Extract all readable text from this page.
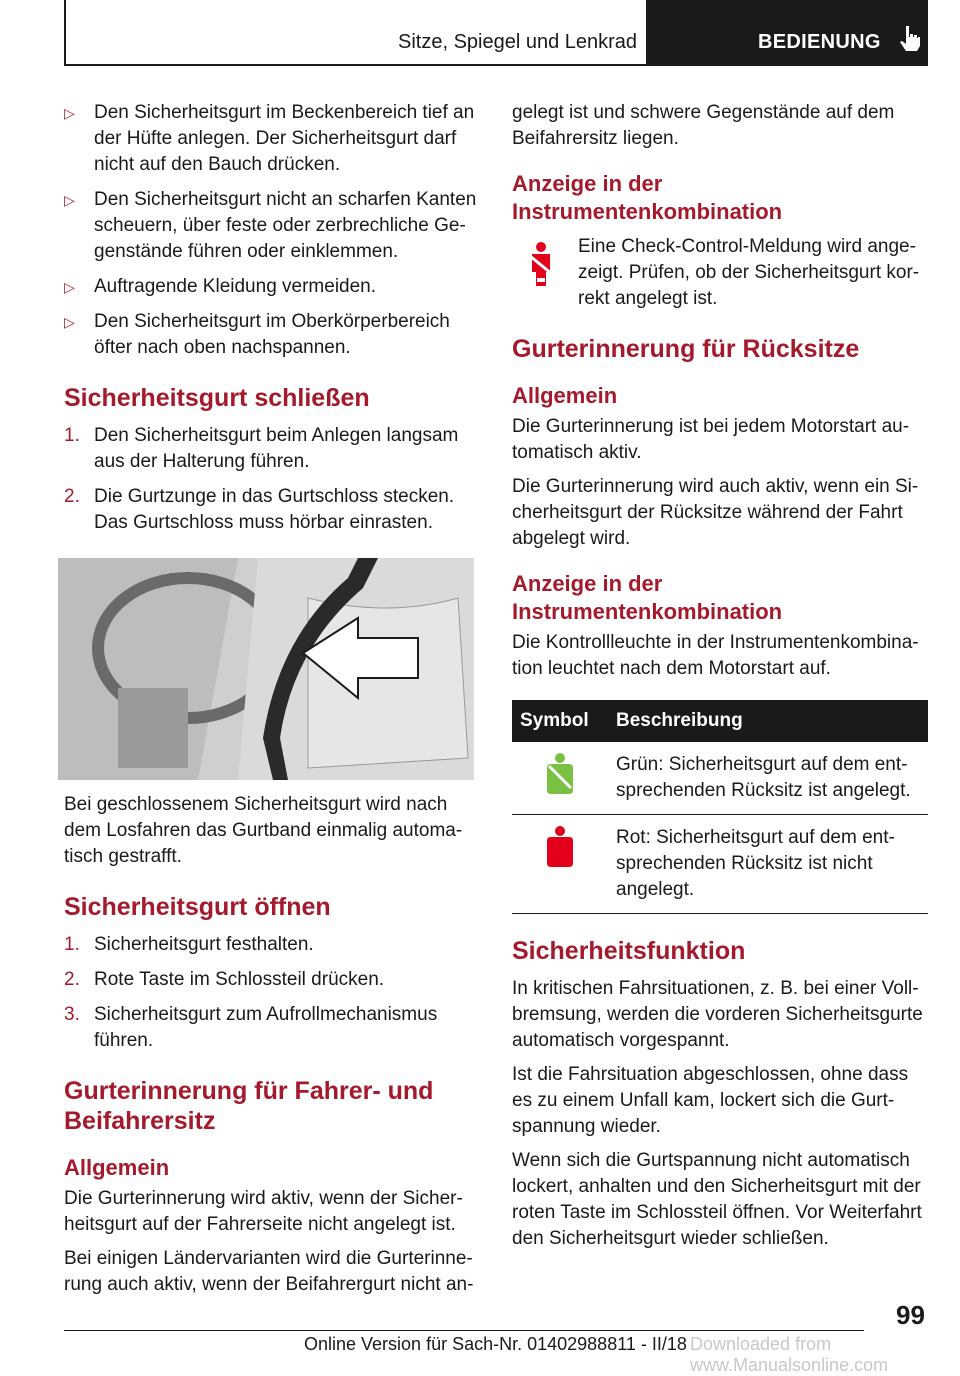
Sitze, Spiegel und Lenkrad	BEDIENUNG
▷ Den Sicherheitsgurt im Beckenbereich tief an der Hüfte anlegen. Der Sicherheitsgurt darf nicht auf den Bauch drücken.
▷ Den Sicherheitsgurt nicht an scharfen Kanten scheuern, über feste oder zerbrechliche Gegenstände führen oder einklemmen.
▷ Auftragende Kleidung vermeiden.
▷ Den Sicherheitsgurt im Oberkörperbereich öfter nach oben nachspannen.
Sicherheitsgurt schließen
1. Den Sicherheitsgurt beim Anlegen langsam aus der Halterung führen.
2. Die Gurtzunge in das Gurtschloss stecken. Das Gurtschloss muss hörbar einrasten.

Bei geschlossenem Sicherheitsgurt wird nach dem Losfahren das Gurtband einmalig automatisch gestrafft.

Sicherheitsgurt öffnen
1. Sicherheitsgurt festhalten.
2. Rote Taste im Schlossteil drücken.
3. Sicherheitsgurt zum Aufrollmechanismus führen.
Gurterinnerung für Fahrer- und Beifahrersitz
Allgemein

Die Gurterinnerung wird aktiv, wenn der Sicherheitsgurt auf der Fahrerseite nicht angelegt ist.

Bei einigen Ländervarianten wird die Gurterinnerung auch aktiv, wenn der Beifahrergurt nicht an-

gelegt ist und schwere Gegenstände auf dem Beifahrersitz liegen.

Anzeige in der Instrumentenkombination
Eine Check-Control-Meldung wird angezeigt. Prüfen, ob der Sicherheitsgurt korrekt angelegt ist.
Gurterinnerung für Rücksitze
Allgemein

Die Gurterinnerung ist bei jedem Motorstart automatisch aktiv.

Die Gurterinnerung wird auch aktiv, wenn ein Sicherheitsgurt der Rücksitze während der Fahrt abgelegt wird.

Anzeige in der Instrumentenkombination

Die Kontrollleuchte in der Instrumentenkombination leuchtet nach dem Motorstart auf.

Symbol	Beschreibung
	Grün: Sicherheitsgurt auf dem entsprechenden Rücksitz ist angelegt.
	Rot: Sicherheitsgurt auf dem entsprechenden Rücksitz ist nicht angelegt.
Sicherheitsfunktion

In kritischen Fahrsituationen, z. B. bei einer Vollbremsung, werden die vorderen Sicherheitsgurte automatisch vorgespannt.

Ist die Fahrsituation abgeschlossen, ohne dass es zu einem Unfall kam, lockert sich die Gurtspannung wieder.

Wenn sich die Gurtspannung nicht automatisch lockert, anhalten und den Sicherheitsgurt mit der roten Taste im Schlossteil öffnen. Vor Weiterfahrt den Sicherheitsgurt wieder schließen.

99
Online Version für Sach-Nr. 01402988811 - II/18 Downloaded from www.Manualsonline.com
